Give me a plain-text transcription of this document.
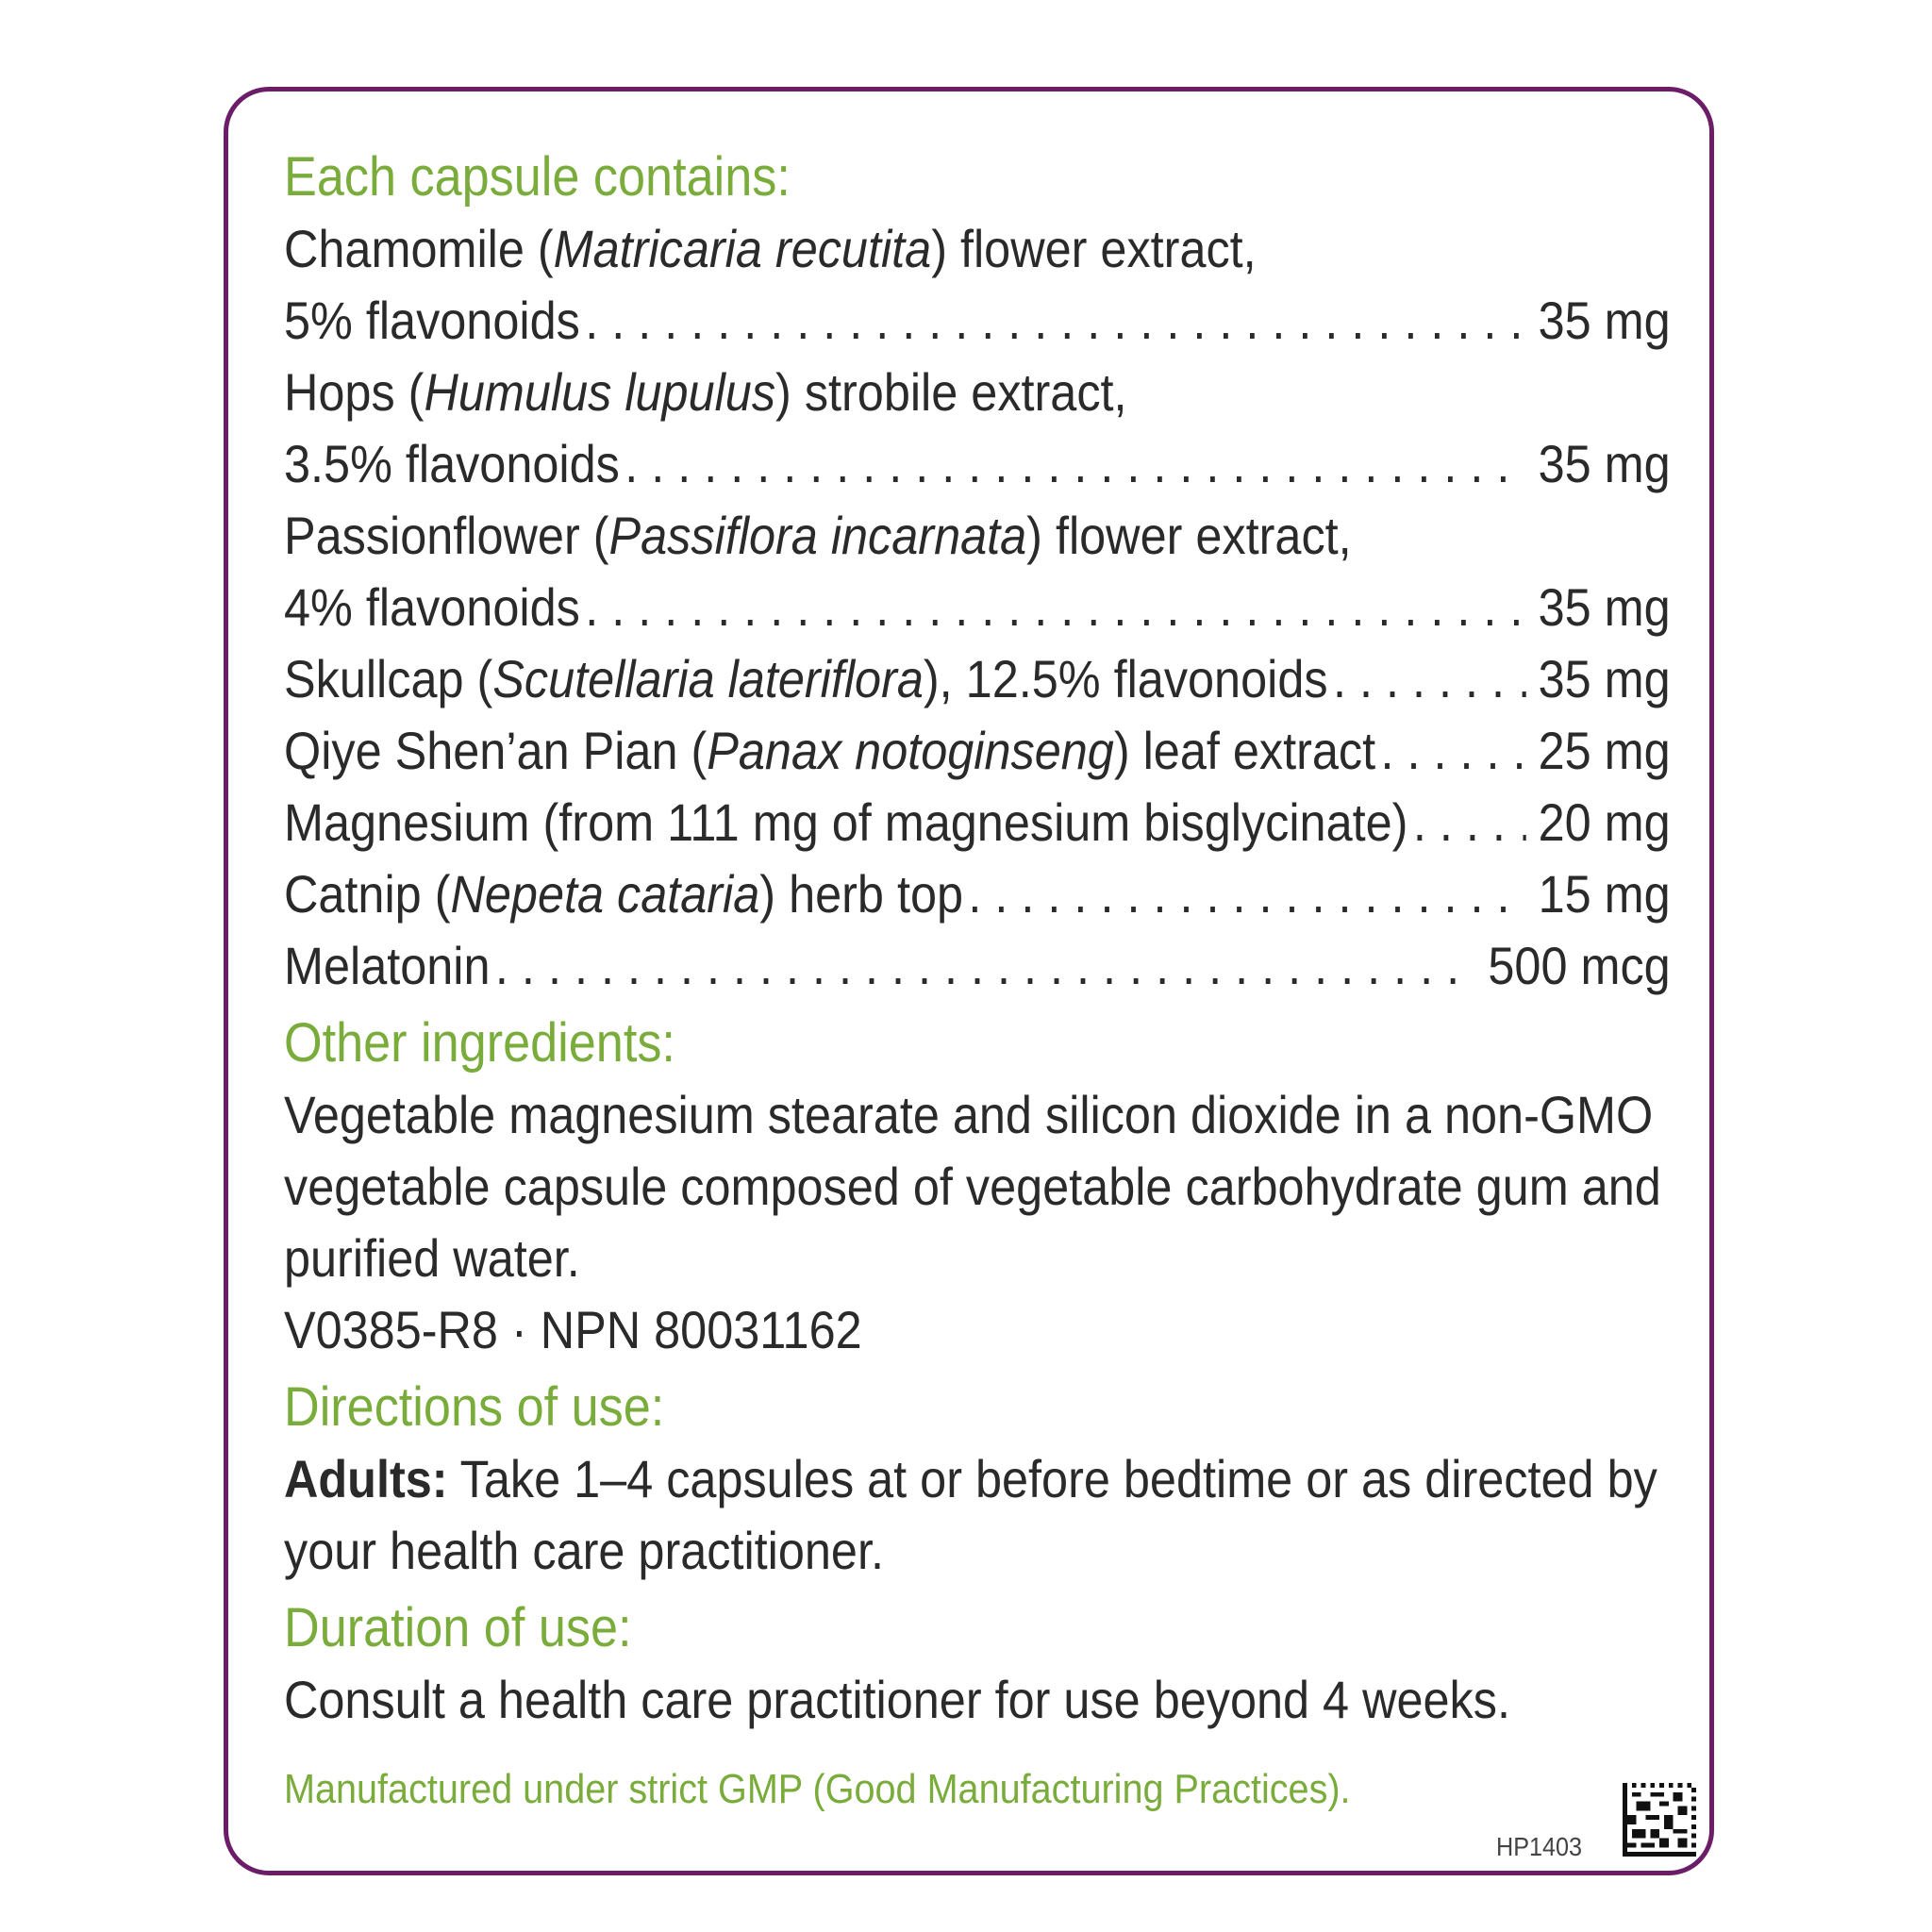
Each capsule contains:
Chamomile (Matricaria recutita) flower extract,
5% flavonoids . . .	35 mg
Hops (Humulus lupulus) strobile extract,
3.5% flavonoids . . .	35 mg
Passionflower (Passiflora incarnata) flower extract,
4% flavonoids . . .	35 mg
Skullcap (Scutellaria lateriflora), 12.5% flavonoids . . .	35 mg
Qiye Shen’an Pian (Panax notoginseng) leaf extract . . .	25 mg
Magnesium (from 111 mg of magnesium bisglycinate) . . . 20 mg
Catnip (Nepeta cataria) herb top . . .	15 mg
Melatonin . . .	500 mcg
Other ingredients:
Vegetable magnesium stearate and silicon dioxide in a non-GMO vegetable capsule composed of vegetable carbohydrate gum and purified water.
V0385-R8 · NPN 80031162
Directions of use:
Adults: Take 1–4 capsules at or before bedtime or as directed by your health care practitioner.
Duration of use:
Consult a health care practitioner for use beyond 4 weeks.
Manufactured under strict GMP (Good Manufacturing Practices).
HP1403
